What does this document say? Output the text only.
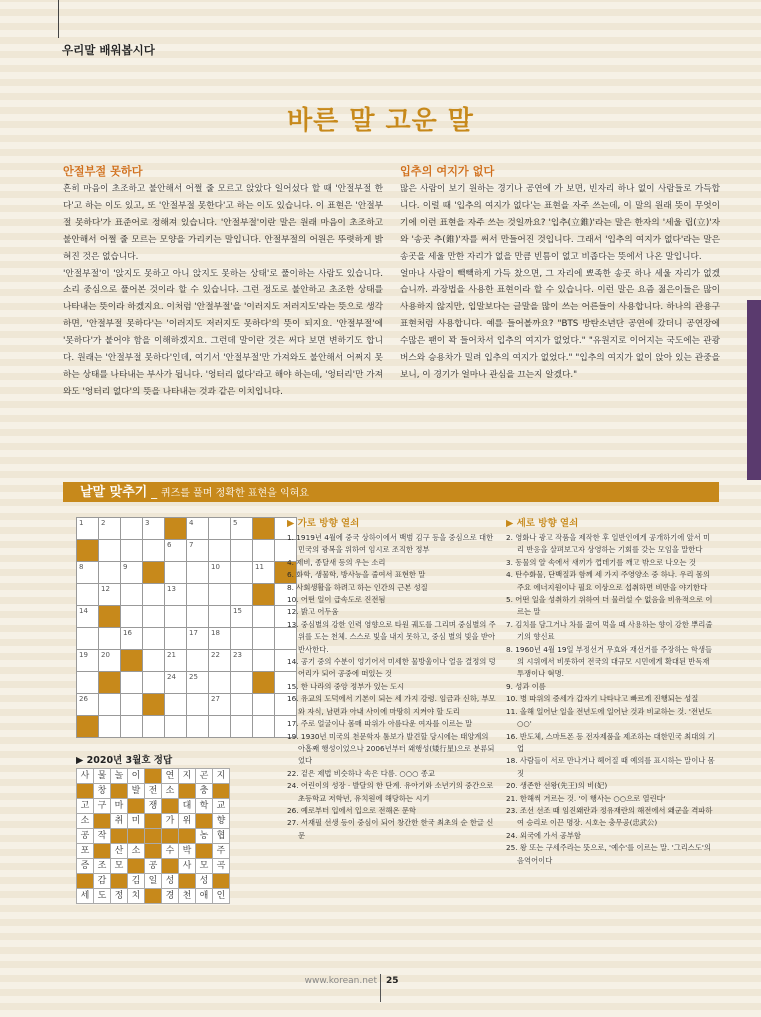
우리말 배워봅시다
바른 말 고운 말
안절부절 못하다

흔히 마음이 초조하고 불안해서 어쩔 줄 모르고 앉았다 일어섰다 할 때 '안절부절 한다'고 하는 이도 있고, 또 '안절부절 못한다'고 하는 이도 있습니다. 이 표현은 '안절부절 못하다'가 표준어로 정해져 있습니다. '안절부절'이란 말은 원래 마음이 초조하고 불안해서 어쩔 줄 모르는 모양을 가리키는 말입니다. 안절부절의 어원은 뚜렷하게 밝혀진 것은 없습니다.

'안절부절'이 '앉지도 못하고 아니 앉지도 못하는 상태'로 풀이하는 사람도 있습니다. 소리 중심으로 풀어본 것이라 할 수 있습니다. 그런 정도로 불안하고 초조한 상태를 나타내는 뜻이라 하겠지요. 이처럼 '안절부절'을 '이러지도 저러지도'라는 뜻으로 생각하면, '안절부절 못하다'는 '이러지도 저러지도 못하다'의 뜻이 되지요. '안절부절'에 '못하다'가 붙어야 함을 이해하겠지요. 그런데 말이란 것은 써다 보면 변하기도 합니다. 원래는 '안절부절 못하다'인데, 여기서 '안절부절'만 가져와도 불안해서 어쩌지 못하는 상태를 나타내는 부사가 됩니다. '엉터리 없다'라고 해야 하는데, '엉터리'만 가져와도 '엉터리 없다'의 뜻을 나타내는 것과 같은 이치입니다.

입추의 여지가 없다

많은 사람이 보기 원하는 경기나 공연에 가 보면, 빈자리 하나 없이 사람들로 가득합니다. 이럴 때 '입추의 여지가 없다'는 표현을 자주 쓰는데, 이 말의 원래 뜻이 무엇이기에 이런 표현을 자주 쓰는 것일까요? '입추(立錐)'라는 말은 한자의 '세울 립(立)'자와 '송곳 추(錐)'자를 써서 만들어진 것입니다. 그래서 '입추의 여지가 없다'라는 말은 송곳을 세울 만한 자리가 없을 만큼 빈틈이 없고 비좁다는 뜻에서 나온 말입니다.

얼마나 사람이 빽빽하게 가득 찼으면, 그 자리에 뾰족한 송곳 하나 세울 자리가 없겠습니까. 과장법을 사용한 표현이라 할 수 있습니다. 이런 말은 요즘 젊은이들은 많이 사용하지 않지만, 입말보다는 글말을 많이 쓰는 어른들이 사용합니다. 하나의 관용구 표현처럼 사용합니다. 예를 들어볼까요? "BTS 방탄소년단 공연에 갔더니 공연장에 수많은 팬이 꽉 들어차서 입추의 여지가 없었다." "유원지로 이어지는 국도에는 관광버스와 승용차가 밀려 입추의 여지가 없었다." "입추의 여지가 없이 앉아 있는 관중을 보니, 이 경기가 얼마나 관심을 끄는지 알겠다."

낱말 맞추기 _ 퀴즈를 풀며 정확한 표현을 익혀요
1	2		3		4		5		

				6	7				

8		9				10		11	

	12			13					

14							15		

		16			17	18			

19	20			21		22	23		

				24	25				

26						27			

▶ 2020년 3월호 정답
사	물	놀	이		연	지	곤	지
	창		발	전	소		충	
고	구	마		쟁		대	학	교
소		취	미		가	위		향
공	작						농	협
포		산	소		수	박		주
증	조	모		공		사	모	곡
	감		김	일	성		성	
세	도	정	치		경	천	애	인
▶ 가로 방향 열쇠

1. 1919년 4월에 중국 상하이에서 백범 김구 등을 중심으로 대한민국의 광복을 위하여 임시로 조직한 정부

4. 제비, 종달새 등의 우는 소리

6. 화학, 생물학, 방사능을 줄여서 표현한 말

8. 사회생활을 하려고 하는 인간의 근본 성질

10. 어떤 일이 급속도로 진전됨

12. 밝고 어두움

13. 중심별의 강한 인력 영향으로 타원 궤도를 그리며 중심별의 주위를 도는 천체. 스스로 빛을 내지 못하고, 중심 별의 빛을 받아 반사한다.

14. 공기 중의 수분이 엉기어서 미세한 물방울이나 얼음 결정의 덩어리가 되어 공중에 떠있는 것

15. 한 나라의 중앙 정부가 있는 도시

16. 유교의 도덕에서 기본이 되는 세 가지 강령. 임금과 신하, 부모와 자식, 남편과 아내 사이에 마땅히 지켜야 할 도리

17. 주로 얼굴이나 몸매 따위가 아름다운 여자를 이르는 말

19. 1930년 미국의 천문학자 톰보가 발견할 당시에는 태양계의 아홉째 행성이었으나 2006년부터 왜행성(矮行星)으로 분류되었다

22. 겉은 제법 비슷하나 속은 다름. ○○○ 종교

24. 어린이의 성장 · 발달의 한 단계. 유아기와 소년기의 중간으로 초등학교 저학년, 유치원에 해당하는 시기

26. 예로부터 입에서 입으로 전해온 문학

27. 서재필 선생 등이 중심이 되어 창간한 한국 최초의 순 한글 신문

▶ 세로 방향 열쇠

2. 영화나 광고 작품을 제작한 후 일반인에게 공개하기에 앞서 미리 반응을 살펴보고자 상영하는 기회를 갖는 모임을 말한다

3. 동물의 알 속에서 새끼가 껍데기를 깨고 밖으로 나오는 것

4. 탄수화물, 단백질과 함께 세 가지 주영양소 중 하나. 우리 몸의 주요 에너지원이나 필요 이상으로 섭취하면 비만을 야기한다

5. 어떤 일을 성취하기 위하여 더 물러설 수 없음을 비유적으로 이르는 말

7. 김치를 담그거나 차를 끓여 먹을 때 사용하는 향이 강한 뿌리줄기의 향신료

8. 1960년 4월 19일 부정선거 무효와 재선거를 주장하는 학생들의 시위에서 비롯하여 전국의 대규모 시민에게 확대된 반독재투쟁이나 혁명.

9. 성과 이름

10. 병 따위의 증세가 갑자기 나타나고 빠르게 진행되는 성질

11. 올해 일어난 일을 전년도에 일어난 것과 비교하는 것. '전년도○○'

16. 반도체, 스마트폰 등 전자제품을 제조하는 대한민국 최대의 기업

18. 사람들이 서로 만나거나 헤어질 때 예의를 표시하는 말이나 몸짓

20. 생존한 선왕(先王)의 비(妃)

21. 한해씩 거르는 것. '이 행사는 ○○으로 열린다'

23. 조선 선조 때 임진왜란과 정유재란의 해전에서 왜군을 격파하여 승리로 이끈 명장. 시호는 충무공(忠武公)

24. 외국에 가서 공부함

25. 왕 또는 구세주라는 뜻으로, '예수'를 이르는 말. '그리스도'의 음역어이다

www.korean.net 25
